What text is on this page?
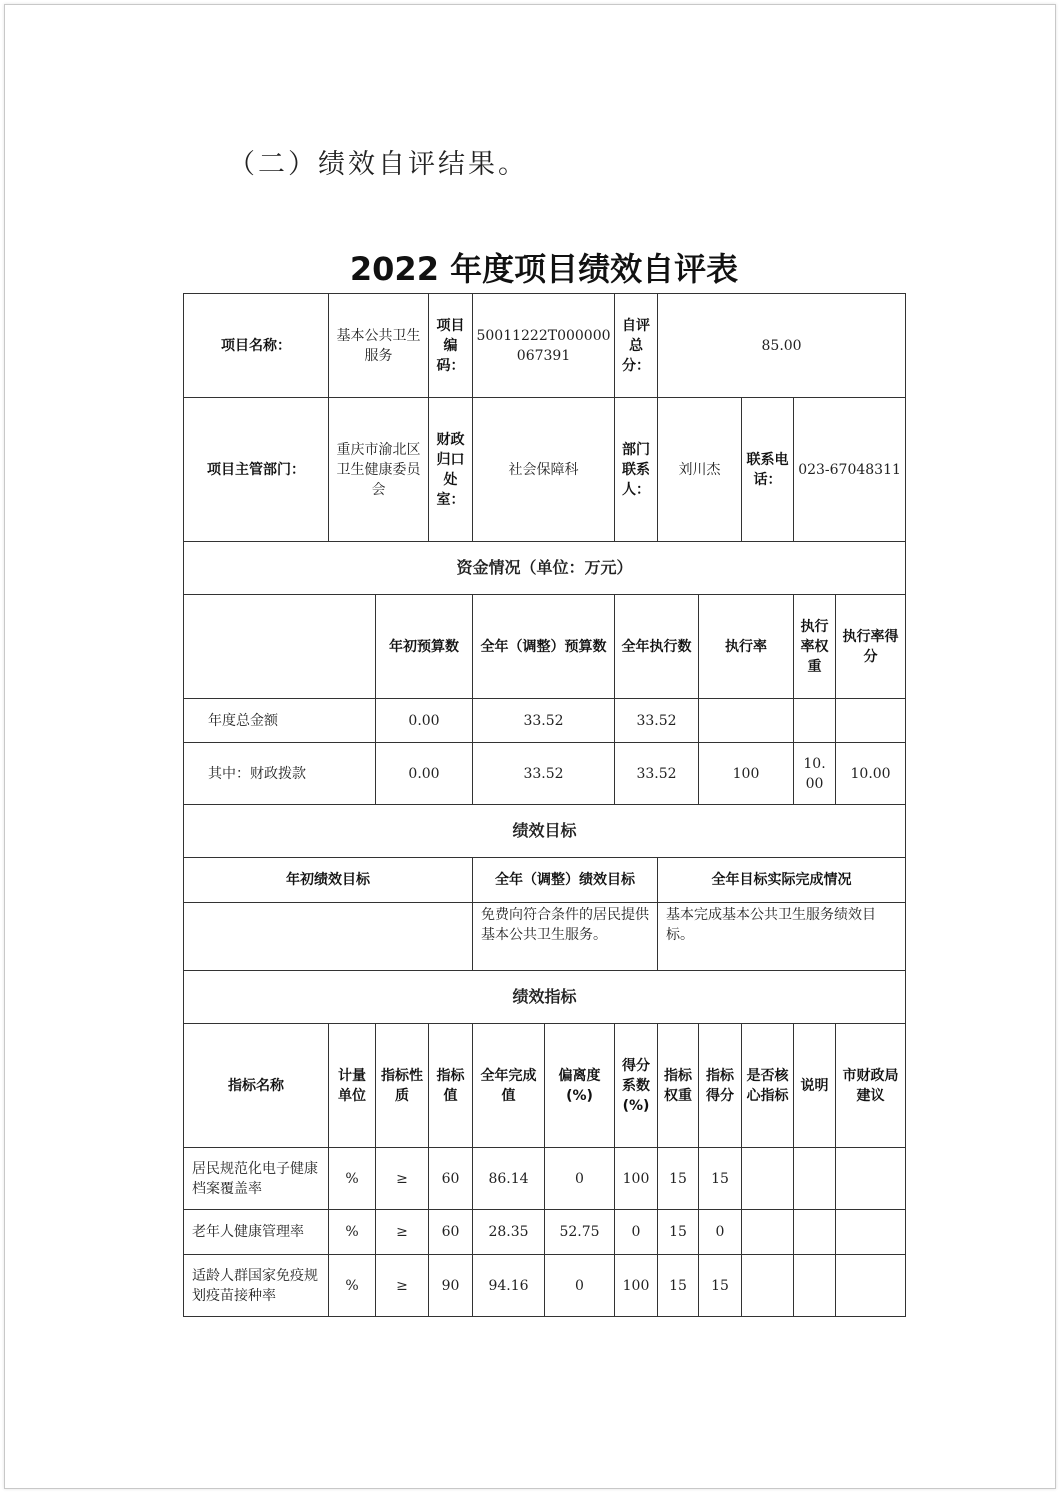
（二）绩效自评结果。
2022 年度项目绩效自评表
项目名称：	基本公共卫生服务		项目编码：	50011222T000000067391		自评总分：	85.00				
项目主管部门：	重庆市渝北区卫生健康委员会		财政归口处室：	社会保障科		部门联系人：	刘川杰		联系电话：	023-67048311	
资金情况（单位：万元）											
		年初预算数		全年（调整）预算数		全年执行数		执行率		执行率权重	执行率得分
年度总金额		0.00		33.52		33.52					
其中：财政拨款		0.00		33.52		33.52		100		10.00	10.00
绩效目标											
年初绩效目标				全年（调整）绩效目标			全年目标实际完成情况				
				免费向符合条件的居民提供基本公共卫生服务。			基本完成基本公共卫生服务绩效目标。				
绩效指标											
指标名称	计量单位	指标性质	指标值	全年完成值	偏离度(%)	得分系数(%)	指标权重	指标得分	是否核心指标	说明	市财政局建议
居民规范化电子健康档案覆盖率	%	≥	60	86.14	0	100	15	15			
老年人健康管理率	%	≥	60	28.35	52.75	0	15	0			
适龄人群国家免疫规划疫苗接种率	%	≥	90	94.16	0	100	15	15			
